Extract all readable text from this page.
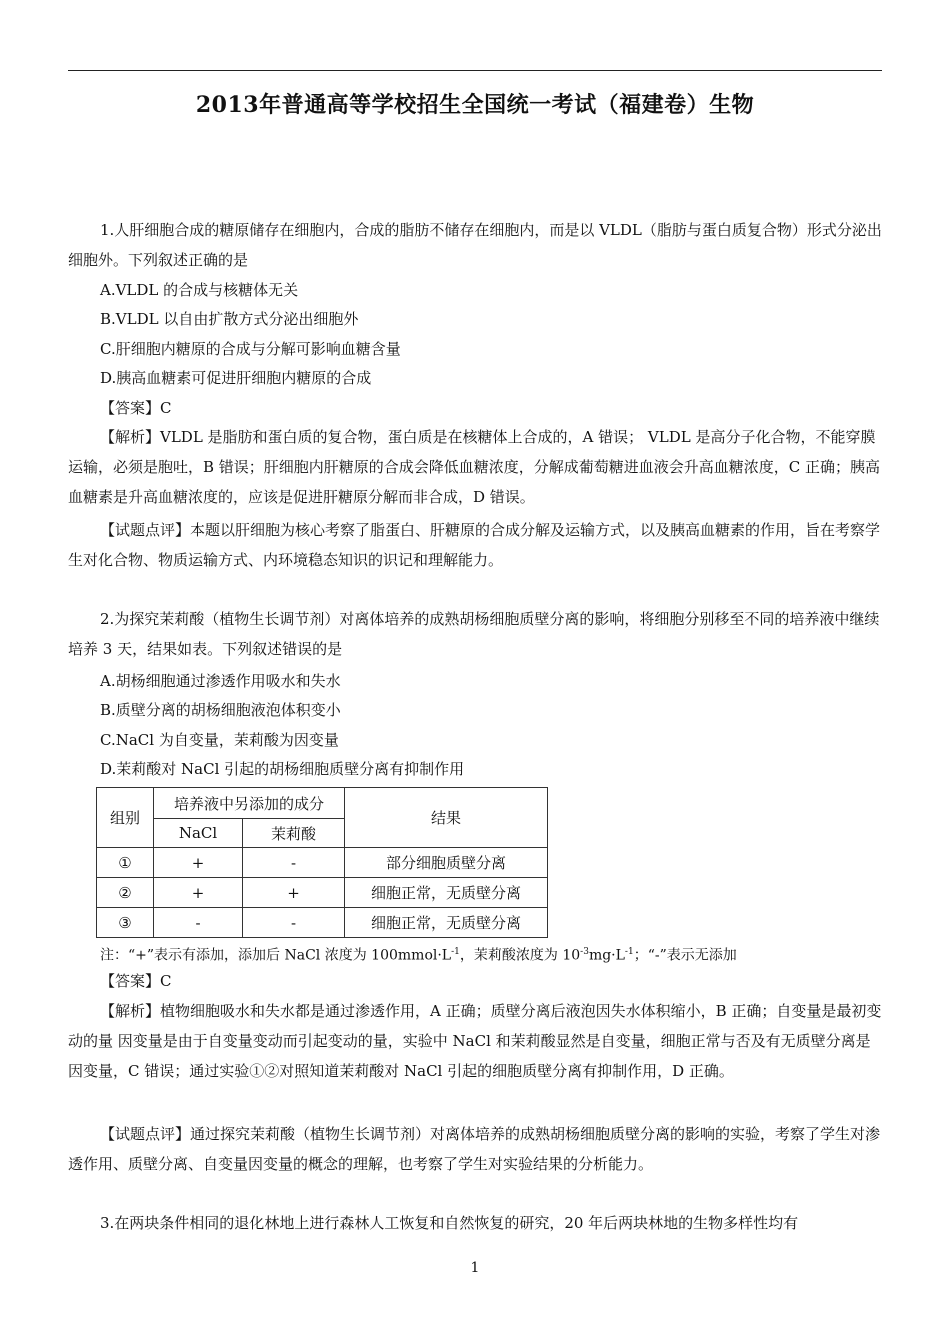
2013年普通高等学校招生全国统一考试（福建卷）生物

1.人肝细胞合成的糖原储存在细胞内，合成的脂肪不储存在细胞内，而是以 VLDL（脂肪与蛋白质复合物）形式分泌出细胞外。下列叙述正确的是

A.VLDL 的合成与核糖体无关
B.VLDL 以自由扩散方式分泌出细胞外
C.肝细胞内糖原的合成与分解可影响血糖含量
D.胰高血糖素可促进肝细胞内糖原的合成
【答案】C

【解析】VLDL 是脂肪和蛋白质的复合物，蛋白质是在核糖体上合成的，A 错误； VLDL 是高分子化合物，不能穿膜运输，必须是胞吐，B 错误；肝细胞内肝糖原的合成会降低血糖浓度，分解成葡萄糖进血液会升高血糖浓度，C 正确；胰高血糖素是升高血糖浓度的，应该是促进肝糖原分解而非合成，D 错误。

【试题点评】本题以肝细胞为核心考察了脂蛋白、肝糖原的合成分解及运输方式，以及胰高血糖素的作用，旨在考察学生对化合物、物质运输方式、内环境稳态知识的识记和理解能力。

2.为探究茉莉酸（植物生长调节剂）对离体培养的成熟胡杨细胞质壁分离的影响，将细胞分别移至不同的培养液中继续培养 3 天，结果如表。下列叙述错误的是

A.胡杨细胞通过渗透作用吸水和失水
B.质壁分离的胡杨细胞液泡体积变小
C.NaCl 为自变量，茉莉酸为因变量
D.茉莉酸对 NaCl 引起的胡杨细胞质壁分离有抑制作用
组别	培养液中另添加的成分		结果
	NaCl	茉莉酸	
①	+	-	部分细胞质壁分离
②	+	+	细胞正常，无质壁分离
③	-	-	细胞正常，无质壁分离
注：“+”表示有添加，添加后 NaCl 浓度为 $100mmol\cdot L^{-1}$，茉莉酸浓度为 $10^{-3}mg\cdot L^{-1}$；“-”表示无添加
【答案】C

【解析】植物细胞吸水和失水都是通过渗透作用，A 正确；质壁分离后液泡因失水体积缩小，B 正确；自变量是最初变动的量 因变量是由于自变量变动而引起变动的量，实验中 NaCl 和茉莉酸显然是自变量，细胞正常与否及有无质壁分离是因变量，C 错误；通过实验①②对照知道茉莉酸对 NaCl 引起的细胞质壁分离有抑制作用，D 正确。

【试题点评】通过探究茉莉酸（植物生长调节剂）对离体培养的成熟胡杨细胞质壁分离的影响的实验，考察了学生对渗透作用、质壁分离、自变量因变量的概念的理解，也考察了学生对实验结果的分析能力。

3.在两块条件相同的退化林地上进行森林人工恢复和自然恢复的研究，20 年后两块林地的生物多样性均有

1
